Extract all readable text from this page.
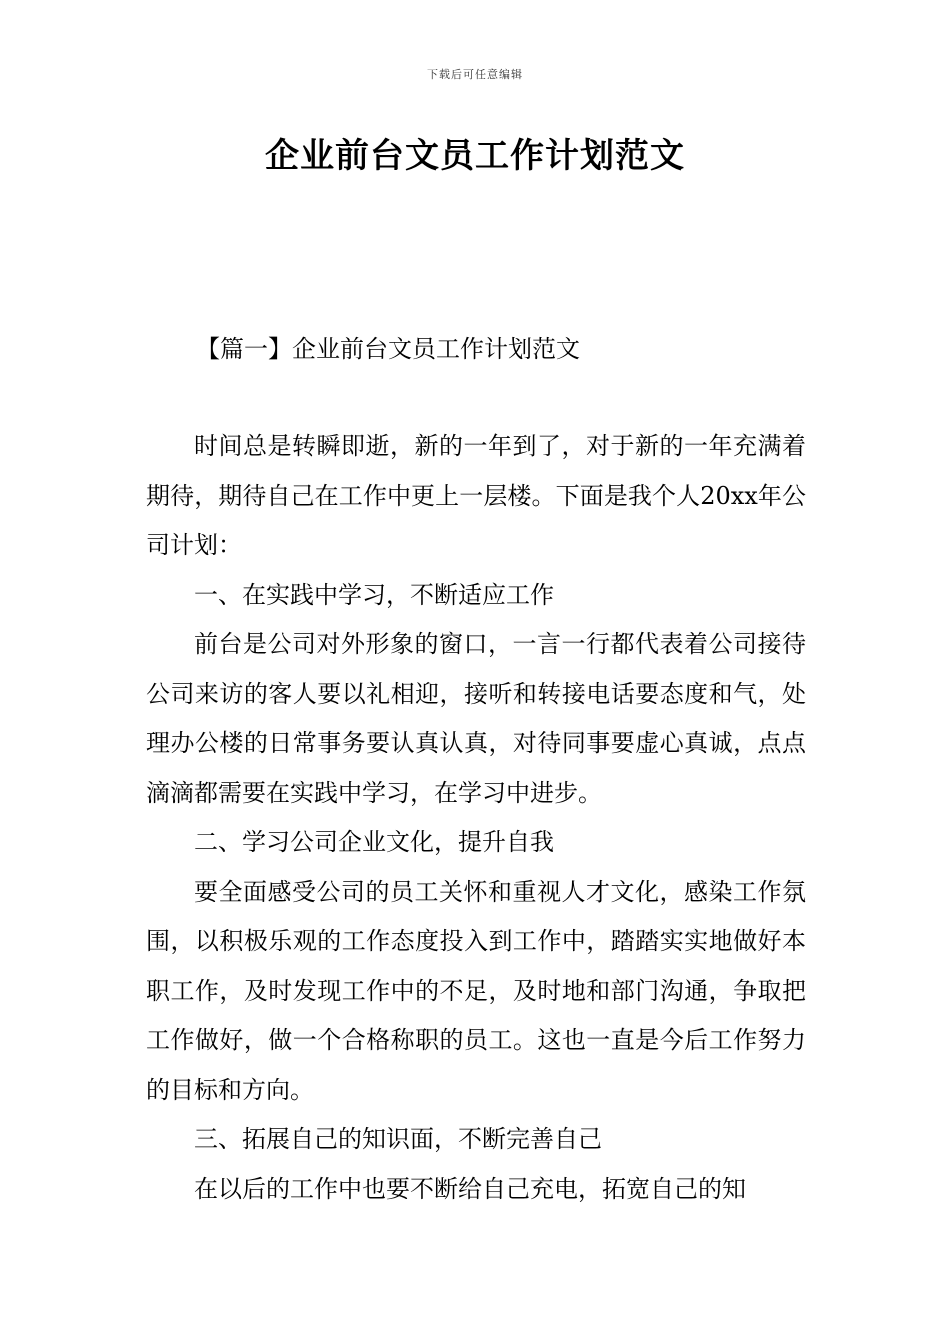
下载后可任意编辑
企业前台文员工作计划范文
【篇一】企业前台文员工作计划范文

时间总是转瞬即逝，新的一年到了，对于新的一年充满着期待，期待自己在工作中更上一层楼。下面是我个人20xx年公司计划：

一、在实践中学习，不断适应工作

前台是公司对外形象的窗口，一言一行都代表着公司接待公司来访的客人要以礼相迎，接听和转接电话要态度和气，处理办公楼的日常事务要认真认真，对待同事要虚心真诚，点点滴滴都需要在实践中学习，在学习中进步。

二、学习公司企业文化，提升自我

要全面感受公司的员工关怀和重视人才文化，感染工作氛围，以积极乐观的工作态度投入到工作中，踏踏实实地做好本职工作，及时发现工作中的不足，及时地和部门沟通，争取把工作做好，做一个合格称职的员工。这也一直是今后工作努力的目标和方向。

三、拓展自己的知识面，不断完善自己

在以后的工作中也要不断给自己充电，拓宽自己的知
